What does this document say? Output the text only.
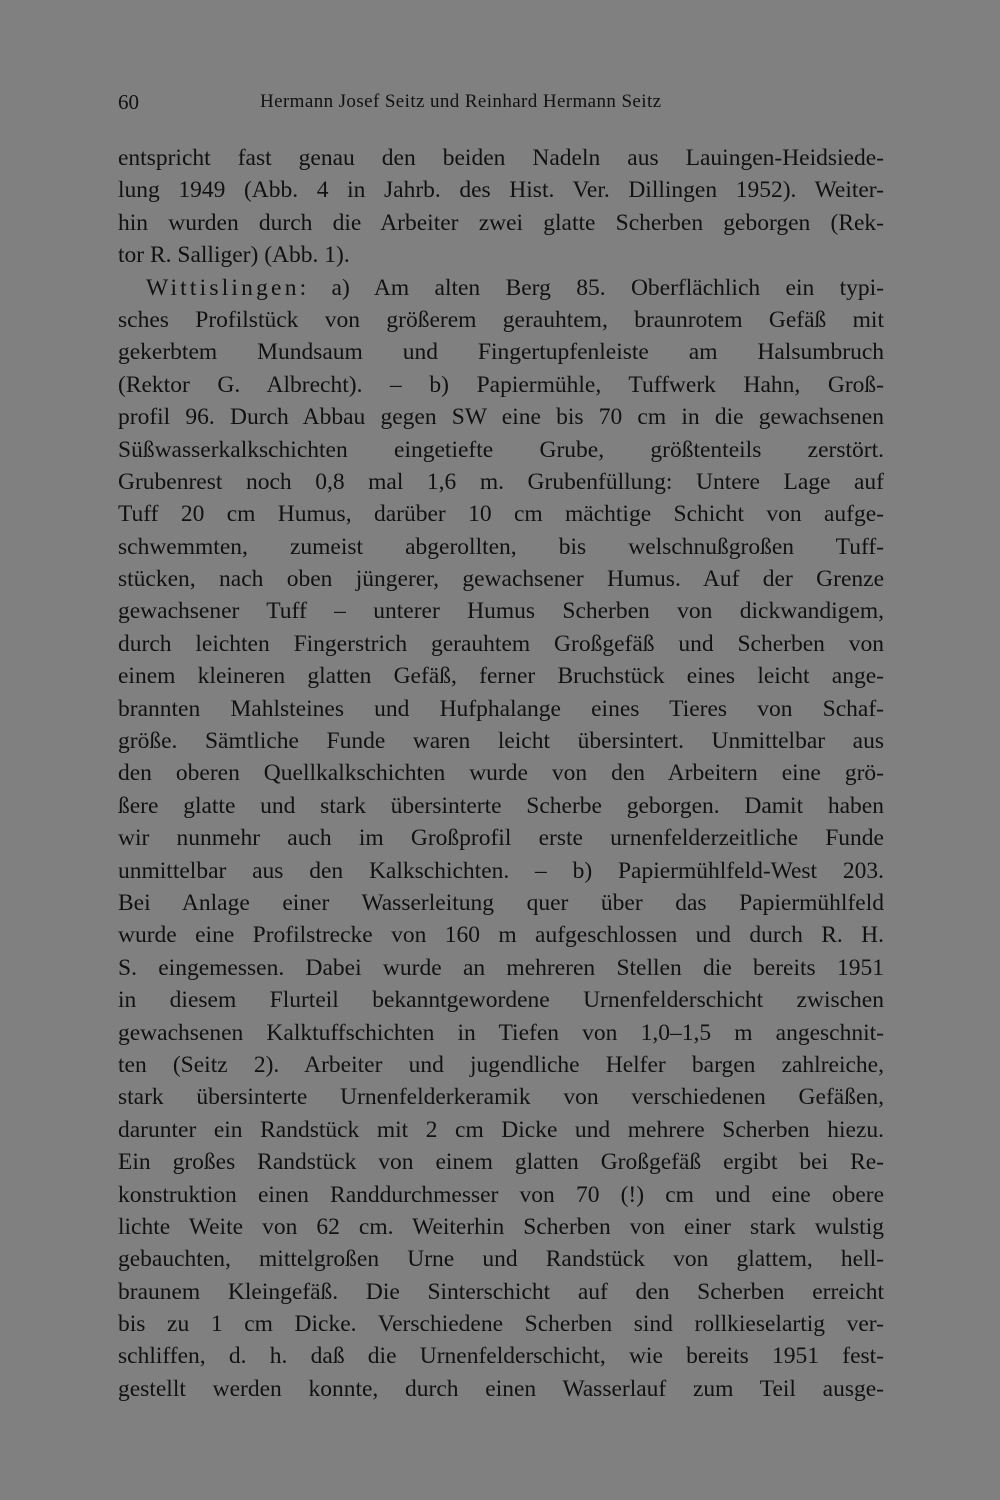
60	Hermann Josef Seitz und Reinhard Hermann Seitz
entspricht fast genau den beiden Nadeln aus Lauingen-Heidsiede-
lung 1949 (Abb. 4 in Jahrb. des Hist. Ver. Dillingen 1952). Weiter-
hin wurden durch die Arbeiter zwei glatte Scherben geborgen (Rek-
tor R. Salliger) (Abb. 1).
Wittislingen: a) Am alten Berg 85. Oberflächlich ein typi-
sches Profilstück von größerem gerauhtem, braunrotem Gefäß mit
gekerbtem Mundsaum und Fingertupfenleiste am Halsumbruch
(Rektor G. Albrecht). – b) Papiermühle, Tuffwerk Hahn, Groß-
profil 96. Durch Abbau gegen SW eine bis 70 cm in die gewachsenen
Süßwasserkalkschichten eingetiefte Grube, größtenteils zerstört.
Grubenrest noch 0,8 mal 1,6 m. Grubenfüllung: Untere Lage auf
Tuff 20 cm Humus, darüber 10 cm mächtige Schicht von aufge-
schwemmten, zumeist abgerollten, bis welschnußgroßen Tuff-
stücken, nach oben jüngerer, gewachsener Humus. Auf der Grenze
gewachsener Tuff – unterer Humus Scherben von dickwandigem,
durch leichten Fingerstrich gerauhtem Großgefäß und Scherben von
einem kleineren glatten Gefäß, ferner Bruchstück eines leicht ange-
brannten Mahlsteines und Hufphalange eines Tieres von Schaf-
größe. Sämtliche Funde waren leicht übersintert. Unmittelbar aus
den oberen Quellkalkschichten wurde von den Arbeitern eine grö-
ßere glatte und stark übersinterte Scherbe geborgen. Damit haben
wir nunmehr auch im Großprofil erste urnenfelderzeitliche Funde
unmittelbar aus den Kalkschichten. – b) Papiermühlfeld-West 203.
Bei Anlage einer Wasserleitung quer über das Papiermühlfeld
wurde eine Profilstrecke von 160 m aufgeschlossen und durch R. H.
S. eingemessen. Dabei wurde an mehreren Stellen die bereits 1951
in diesem Flurteil bekanntgewordene Urnenfelderschicht zwischen
gewachsenen Kalktuffschichten in Tiefen von 1,0–1,5 m angeschnit-
ten (Seitz 2). Arbeiter und jugendliche Helfer bargen zahlreiche,
stark übersinterte Urnenfelderkeramik von verschiedenen Gefäßen,
darunter ein Randstück mit 2 cm Dicke und mehrere Scherben hiezu.
Ein großes Randstück von einem glatten Großgefäß ergibt bei Re-
konstruktion einen Randdurchmesser von 70 (!) cm und eine obere
lichte Weite von 62 cm. Weiterhin Scherben von einer stark wulstig
gebauchten, mittelgroßen Urne und Randstück von glattem, hell-
braunem Kleingefäß. Die Sinterschicht auf den Scherben erreicht
bis zu 1 cm Dicke. Verschiedene Scherben sind rollkieselartig ver-
schliffen, d. h. daß die Urnenfelderschicht, wie bereits 1951 fest-
gestellt werden konnte, durch einen Wasserlauf zum Teil ausge-
